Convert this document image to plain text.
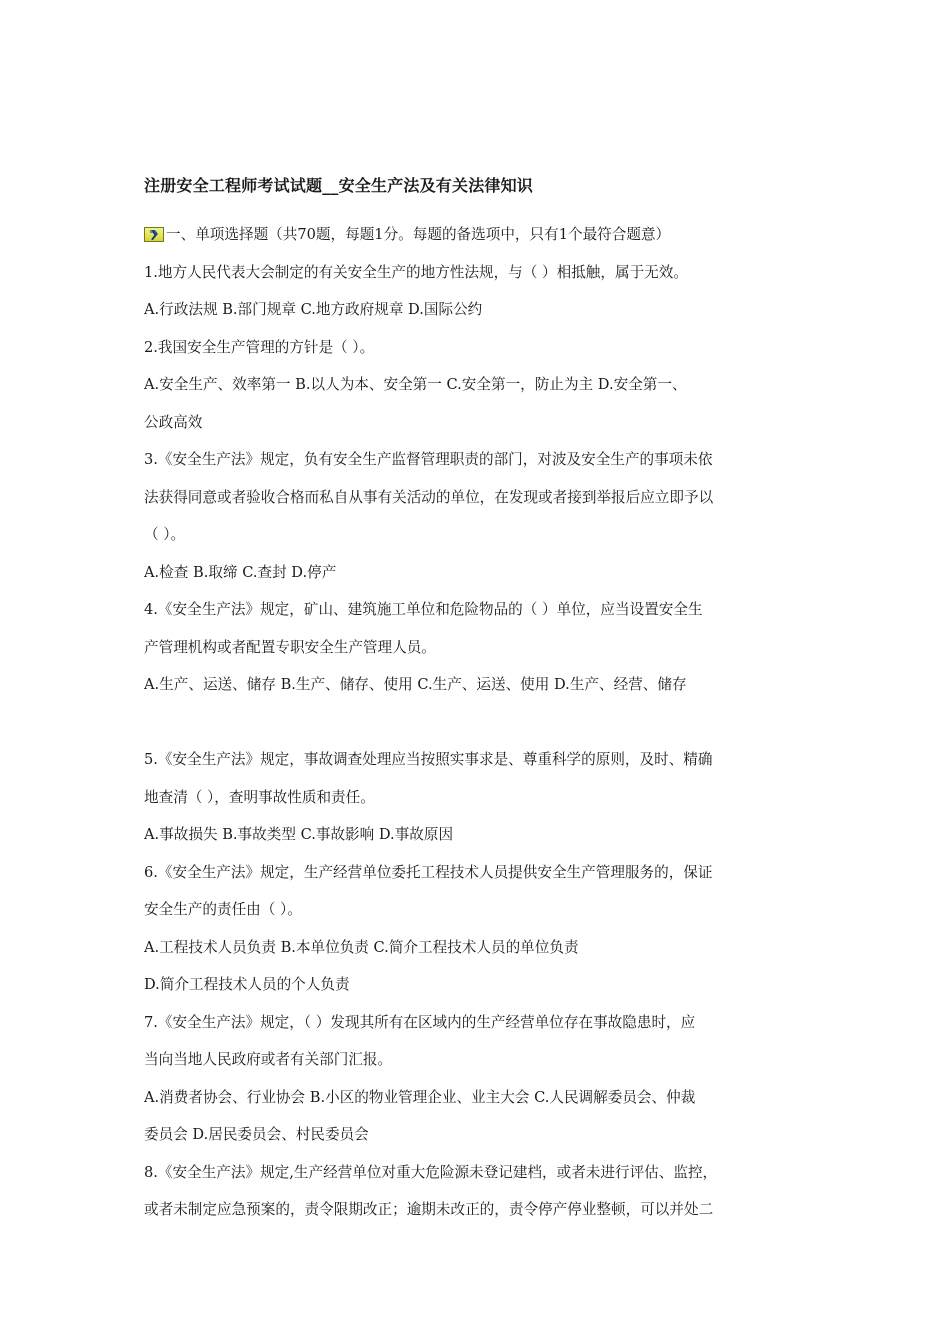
注册安全工程师考试试题__安全生产法及有关法律知识
一、单项选择题（共70题，每题1分。每题的备选项中，只有1个最符合题意）
1.地方人民代表大会制定的有关安全生产的地方性法规，与（ ）相抵触，属于无效。
A.行政法规 B.部门规章 C.地方政府规章 D.国际公约
2.我国安全生产管理的方针是（ ）。
A.安全生产、效率第一 B.以人为本、安全第一 C.安全第一，防止为主 D.安全第一、
公政高效
3.《安全生产法》规定，负有安全生产监督管理职责的部门，对波及安全生产的事项未依
法获得同意或者验收合格而私自从事有关活动的单位，在发现或者接到举报后应立即予以
（ ）。
A.检查 B.取缔 C.查封 D.停产
4.《安全生产法》规定，矿山、建筑施工单位和危险物品的（ ）单位，应当设置安全生
产管理机构或者配置专职安全生产管理人员。
A.生产、运送、储存 B.生产、储存、使用 C.生产、运送、使用 D.生产、经营、储存
5.《安全生产法》规定，事故调查处理应当按照实事求是、尊重科学的原则，及时、精确
地查清（ ），查明事故性质和责任。
A.事故损失 B.事故类型 C.事故影响 D.事故原因
6.《安全生产法》规定，生产经营单位委托工程技术人员提供安全生产管理服务的，保证
安全生产的责任由（ ）。
A.工程技术人员负责 B.本单位负责 C.简介工程技术人员的单位负责
D.简介工程技术人员的个人负责
7.《安全生产法》规定，（ ）发现其所有在区域内的生产经营单位存在事故隐患时，应
当向当地人民政府或者有关部门汇报。
A.消费者协会、行业协会 B.小区的物业管理企业、业主大会 C.人民调解委员会、仲裁
委员会 D.居民委员会、村民委员会
8.《安全生产法》规定,生产经营单位对重大危险源未登记建档，或者未进行评估、监控，
或者未制定应急预案的，责令限期改正；逾期未改正的，责令停产停业整顿，可以并处二
